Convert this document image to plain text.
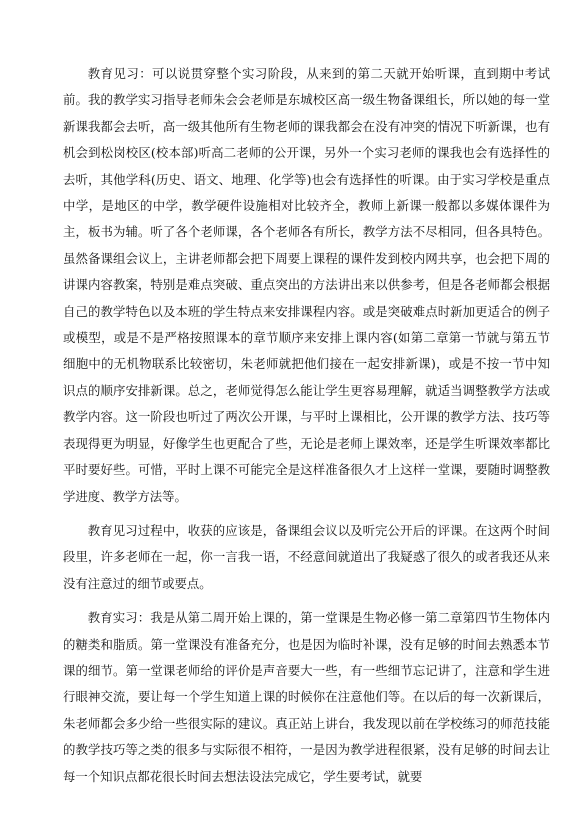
教育见习：可以说贯穿整个实习阶段，从来到的第二天就开始听课，直到期中考试前。我的教学实习指导老师朱会会老师是东城校区高一级生物备课组长，所以她的每一堂新课我都会去听，高一级其他所有生物老师的课我都会在没有冲突的情况下听新课，也有机会到松岗校区(校本部)听高二老师的公开课，另外一个实习老师的课我也会有选择性的去听，其他学科(历史、语文、地理、化学等)也会有选择性的听课。由于实习学校是重点中学，是地区的中学，教学硬件设施相对比较齐全，教师上新课一般都以多媒体课件为主，板书为辅。听了各个老师课，各个老师各有所长，教学方法不尽相同，但各具特色。虽然备课组会议上，主讲老师都会把下周要上课程的课件发到校内网共享，也会把下周的讲课内容教案，特别是难点突破、重点突出的方法讲出来以供参考，但是各老师都会根据自己的教学特色以及本班的学生特点来安排课程内容。或是突破难点时新加更适合的例子或模型，或是不是严格按照课本的章节顺序来安排上课内容(如第二章第一节就与第五节细胞中的无机物联系比较密切，朱老师就把他们接在一起安排新课)，或是不按一节中知识点的顺序安排新课。总之，老师觉得怎么能让学生更容易理解，就适当调整教学方法或教学内容。这一阶段也听过了两次公开课，与平时上课相比，公开课的教学方法、技巧等表现得更为明显，好像学生也更配合了些，无论是老师上课效率，还是学生听课效率都比平时要好些。可惜，平时上课不可能完全是这样准备很久才上这样一堂课，要随时调整教学进度、教学方法等。

教育见习过程中，收获的应该是，备课组会议以及听完公开后的评课。在这两个时间段里，许多老师在一起，你一言我一语，不经意间就道出了我疑惑了很久的或者我还从来没有注意过的细节或要点。

教育实习：我是从第二周开始上课的，第一堂课是生物必修一第二章第四节生物体内的糖类和脂质。第一堂课没有准备充分，也是因为临时补课，没有足够的时间去熟悉本节课的细节。第一堂课老师给的评价是声音要大一些，有一些细节忘记讲了，注意和学生进行眼神交流，要让每一个学生知道上课的时候你在注意他们等。在以后的每一次新课后，朱老师都会多少给一些很实际的建议。真正站上讲台，我发现以前在学校练习的师范技能的教学技巧等之类的很多与实际很不相符，一是因为教学进程很紧，没有足够的时间去让每一个知识点都花很长时间去想法设法完成它，学生要考试，就要
